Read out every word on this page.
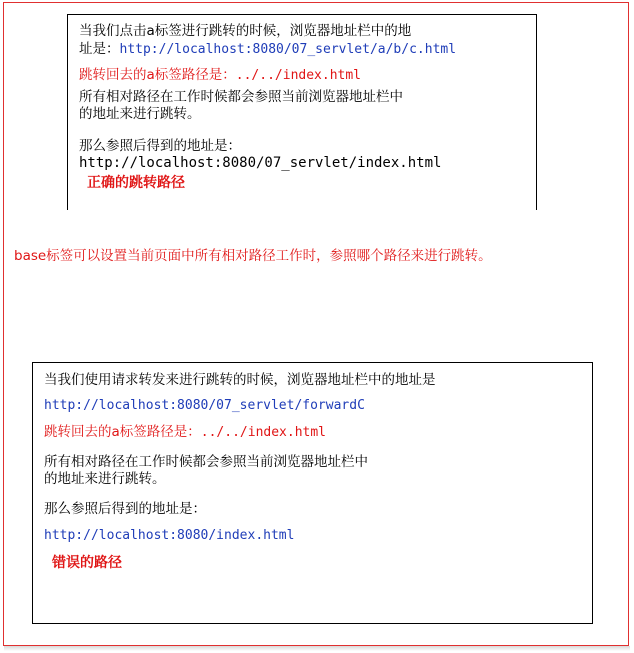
当我们点击a标签进行跳转的时候，浏览器地址栏中的地
址是：http://localhost:8080/07_servlet/a/b/c.html
跳转回去的a标签路径是：../../index.html
所有相对路径在工作时候都会参照当前浏览器地址栏中
的地址来进行跳转。
那么参照后得到的地址是：
http://localhost:8080/07_servlet/index.html
正确的跳转路径
base标签可以设置当前页面中所有相对路径工作时，参照哪个路径来进行跳转。
当我们使用请求转发来进行跳转的时候，浏览器地址栏中的地址是
http://localhost:8080/07_servlet/forwardC
跳转回去的a标签路径是：../../index.html
所有相对路径在工作时候都会参照当前浏览器地址栏中
的地址来进行跳转。
那么参照后得到的地址是：
http://localhost:8080/index.html
错误的路径
